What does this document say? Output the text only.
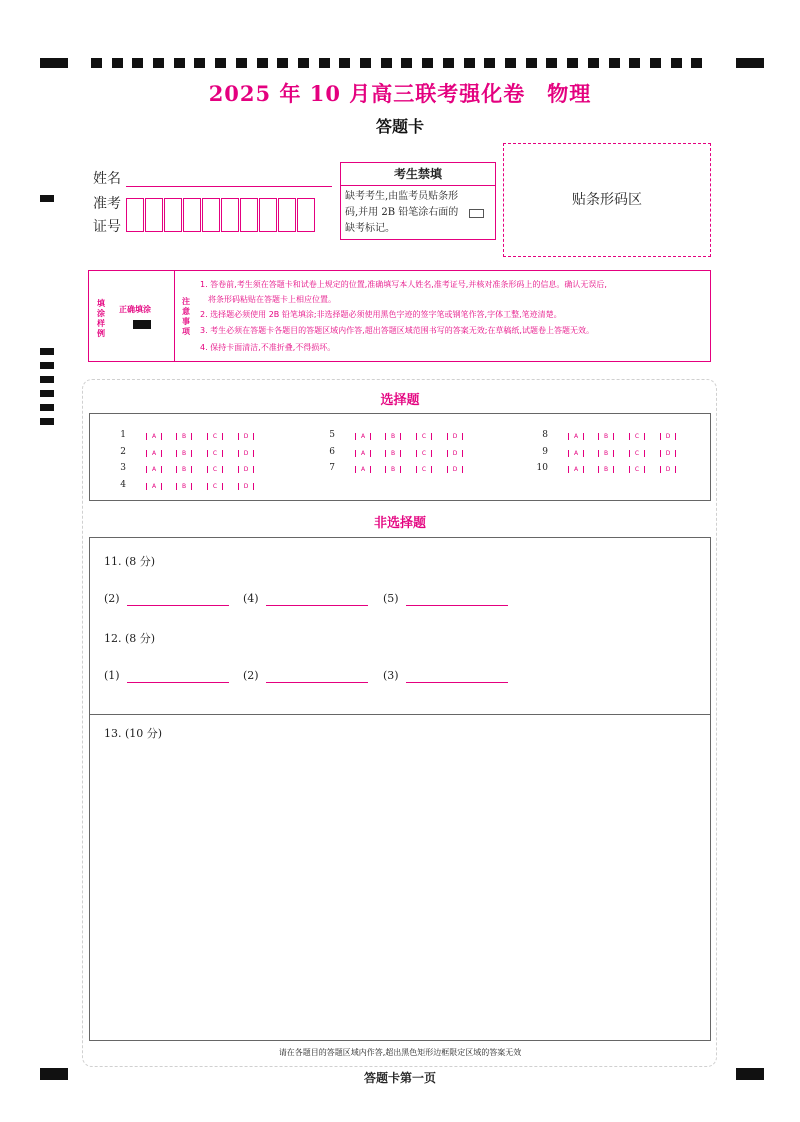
2025 年 10 月高三联考强化卷　物理
答题卡
姓名
准考
证号
考生禁填
缺考考生,由监考员贴条形码,并用 2B 铅笔涂右面的缺考标记。
贴条形码区
填涂样例
正确填涂
注意事项
1. 答卷前,考生须在答题卡和试卷上规定的位置,准确填写本人姓名,准考证号,并核对准条形码上的信息。确认无误后,
　将条形码粘贴在答题卡上相应位置。
2. 选择题必须使用 2B 铅笔填涂;非选择题必须使用黑色字迹的签字笔或钢笔作答,字体工整,笔迹清楚。
3. 考生必须在答题卡各题目的答题区域内作答,超出答题区域范围书写的答案无效;在草稿纸,试题卷上答题无效。
4. 保持卡面清洁,不准折叠,不得损坏。
选择题
1	A	B	C	D
2	A	B	C	D
3	A	B	C	D
4	A	B	C	D
5	A	B	C	D
6	A	B	C	D
7	A	B	C	D
8	A	B	C	D
9	A	B	C	D
10	A	B	C	D
非选择题
11. (8 分)
(2)	(4)	(5)
12. (8 分)
(1)	(2)	(3)
13. (10 分)
请在各题目的答题区域内作答,超出黑色矩形边框限定区域的答案无效
答题卡第一页
